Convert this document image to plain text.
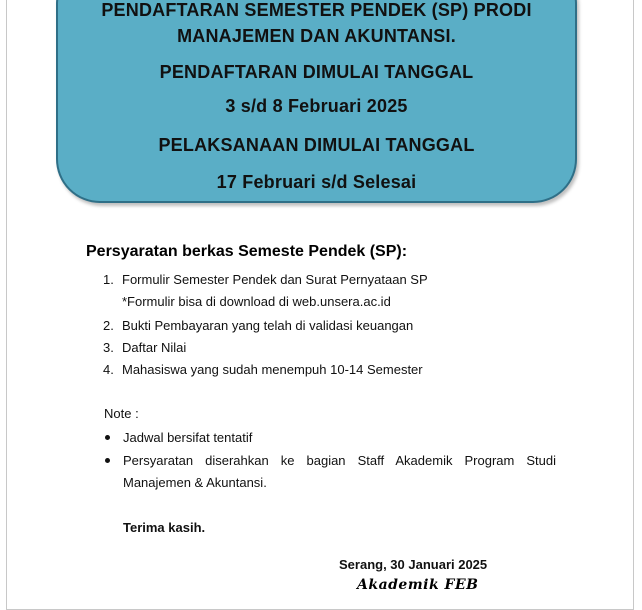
PENDAFTARAN SEMESTER PENDEK (SP) PRODI
MANAJEMEN DAN AKUNTANSI.
PENDAFTARAN DIMULAI TANGGAL
3 s/d 8 Februari 2025
PELAKSANAAN DIMULAI TANGGAL
17 Februari s/d Selesai
Persyaratan berkas Semeste Pendek (SP):
1. Formulir Semester Pendek dan Surat Pernyataan SP
*Formulir bisa di download di web.unsera.ac.id
2. Bukti Pembayaran yang telah di validasi keuangan
3. Daftar Nilai
4. Mahasiswa yang sudah menempuh 10-14 Semester
Note :
Jadwal bersifat tentatif
Persyaratan diserahkan ke bagian Staff Akademik Program Studi
Manajemen & Akuntansi.
Terima kasih.
Serang, 30 Januari 2025
Akademik FEB
